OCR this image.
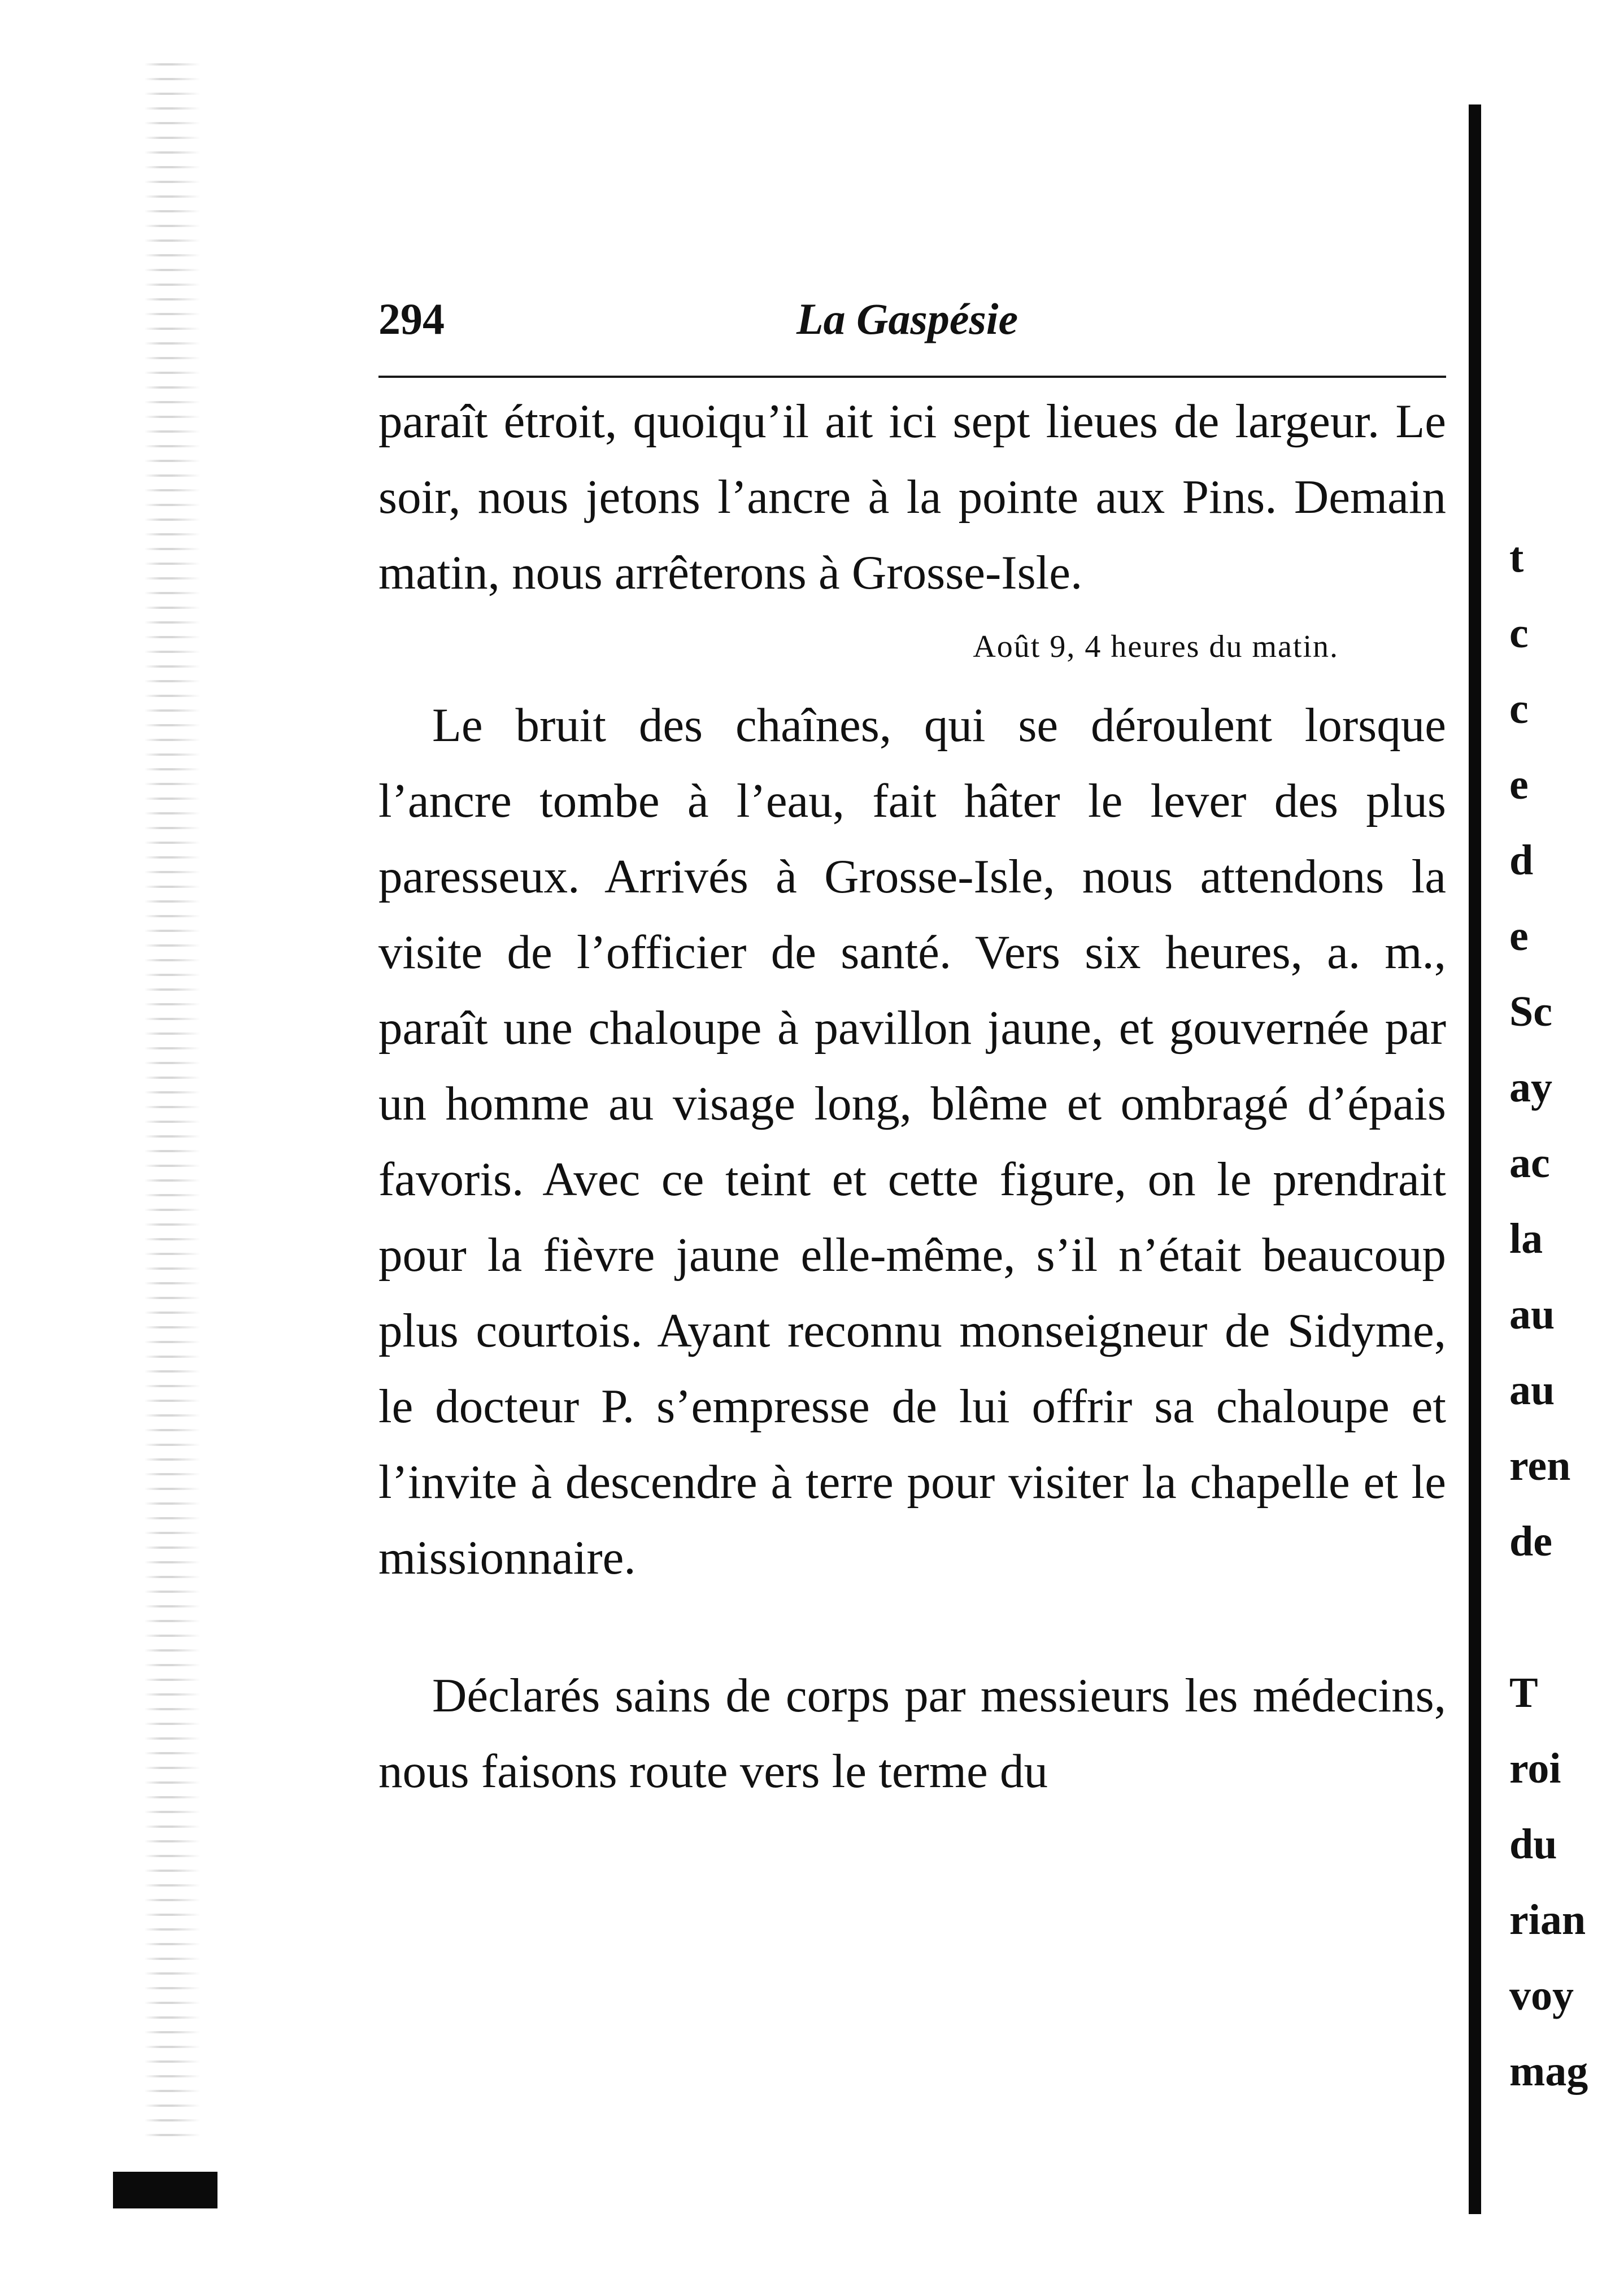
294	La Gaspésie

paraît étroit, quoiqu’il ait ici sept lieues de largeur. Le soir, nous jetons l’ancre à la pointe aux Pins. Demain matin, nous arrêterons à Grosse-Isle.

Août 9, 4 heures du matin.

Le bruit des chaînes, qui se déroulent lorsque l’ancre tombe à l’eau, fait hâter le lever des plus paresseux. Arrivés à Grosse-Isle, nous attendons la visite de l’officier de santé. Vers six heures, a. m., paraît une chaloupe à pavillon jaune, et gouvernée par un homme au visage long, blême et ombragé d’épais favoris. Avec ce teint et cette figure, on le prendrait pour la fièvre jaune elle-même, s’il n’était beaucoup plus courtois. Ayant reconnu monseigneur de Sidyme, le docteur P. s’empresse de lui offrir sa chaloupe et l’invite à descendre à terre pour visiter la chapelle et le missionnaire.

Déclarés sains de corps par messieurs les médecins, nous faisons route vers le terme du

t
c
c
e
d
e
Sc
ay
ac
la
au
au
ren
de
T
roi
du
rian
voy
mag
